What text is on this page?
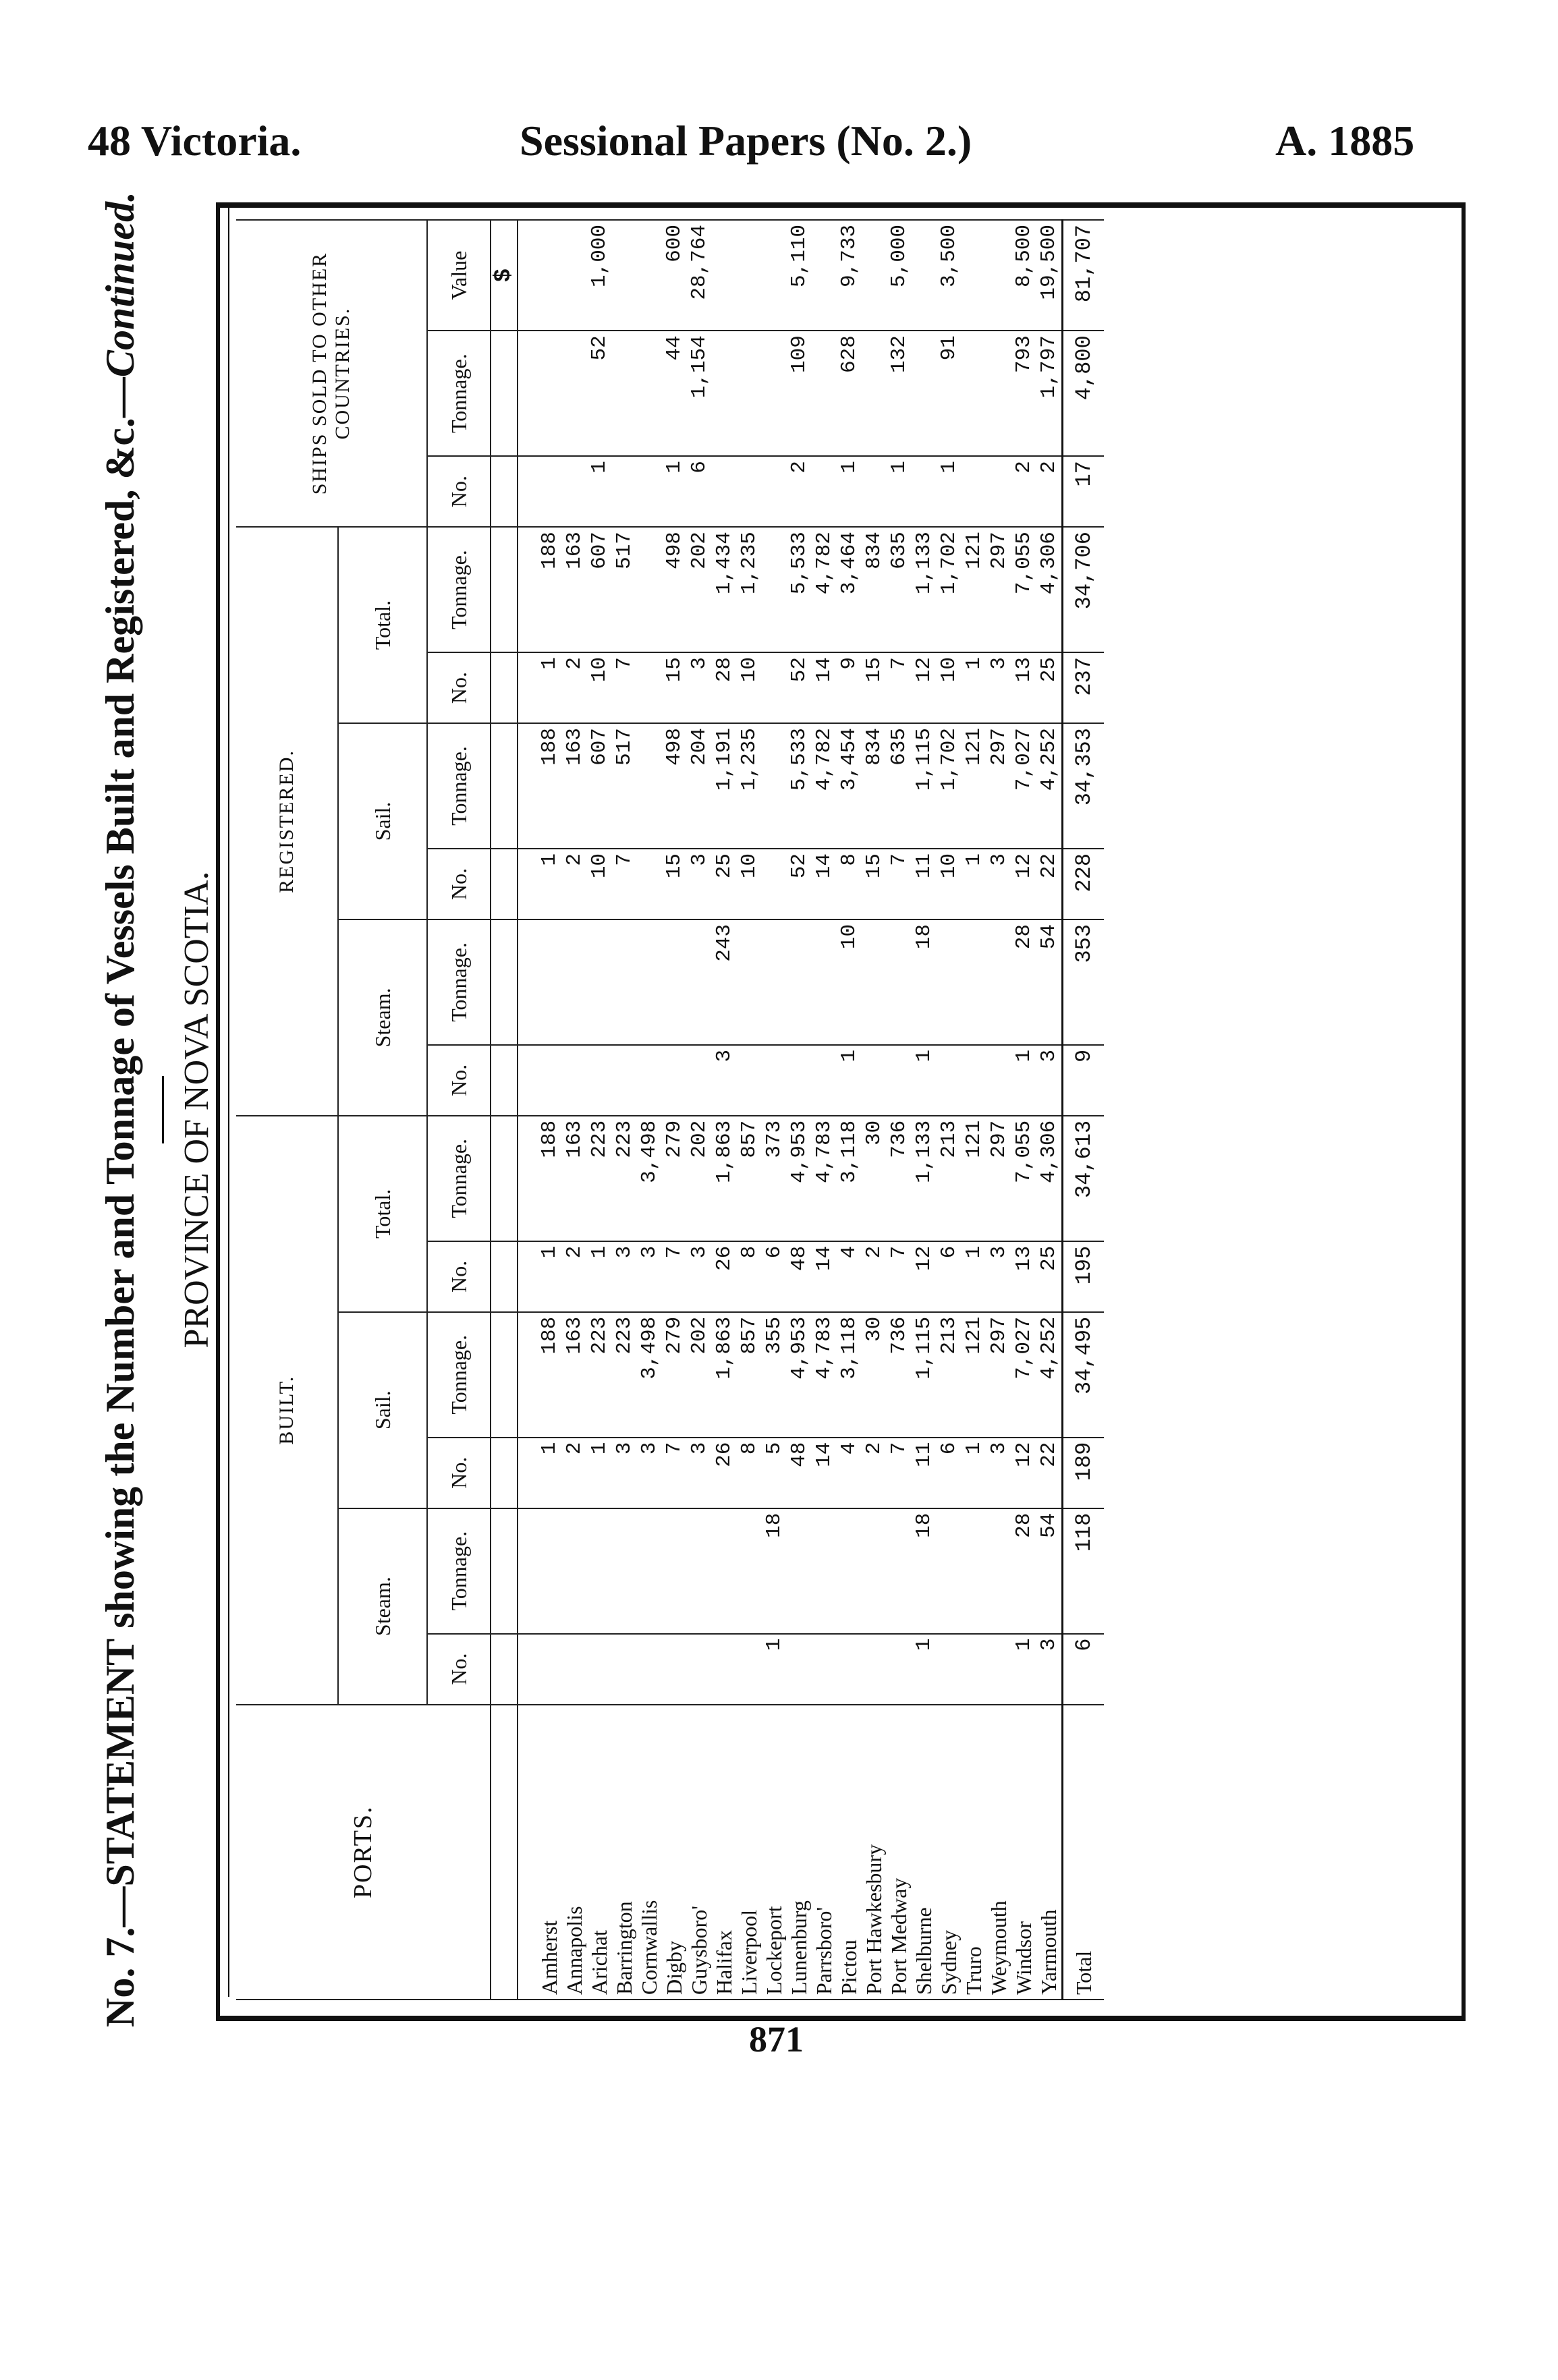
48 Victoria.	Sessional Papers (No. 2.)	A. 1885
No. 7.—STATEMENT showing the Number and Tonnage of Vessels Built and Registered, &c.—Continued.
PROVINCE OF NOVA SCOTIA.
PORTS.	BUILT.						REGISTERED.						SHIPS SOLD TO OTHER COUNTRIES.		
	Steam.		Sail.		Total.		Steam.		Sail.		Total.				
	No.	Tonnage.	No.	Tonnage.	No.	Tonnage.	No.	Tonnage.	No.	Tonnage.	No.	Tonnage.	No.	Tonnage.	Value
															$
Amherst			1	188	1	188			1	188	1	188			
Annapolis			2	163	2	163			2	163	2	163			
Arichat			1	223	1	223			10	607	10	607	1	52	1,000
Barrington			3	223	3	223			7	517	7	517			
Cornwallis			3	3,498	3	3,498									
Digby			7	279	7	279			15	498	15	498	1	44	600
Guysboro'			3	202	3	202			3	204	3	202	6	1,154	28,764
Halifax			26	1,863	26	1,863	3	243	25	1,191	28	1,434			
Liverpool			8	857	8	857			10	1,235	10	1,235			
Lockeport	1	18	5	355	6	373									
Lunenburg			48	4,953	48	4,953			52	5,533	52	5,533	2	109	5,110
Parrsboro'			14	4,783	14	4,783			14	4,782	14	4,782			
Pictou			4	3,118	4	3,118	1	10	8	3,454	9	3,464	1	628	9,733
Port Hawkesbury			2	30	2	30			15	834	15	834			
Port Medway			7	736	7	736			7	635	7	635	1	132	5,000
Shelburne	1	18	11	1,115	12	1,133	1	18	11	1,115	12	1,133			
Sydney			6	213	6	213			10	1,702	10	1,702	1	91	3,500
Truro			1	121	1	121			1	121	1	121			
Weymouth			3	297	3	297			3	297	3	297			
Windsor	1	28	12	7,027	13	7,055	1	28	12	7,027	13	7,055	2	793	8,500
Yarmouth	3	54	22	4,252	25	4,306	3	54	22	4,252	25	4,306	2	1,797	19,500
Total	6	118	189	34,495	195	34,613	9	353	228	34,353	237	34,706	17	4,800	81,707
871
